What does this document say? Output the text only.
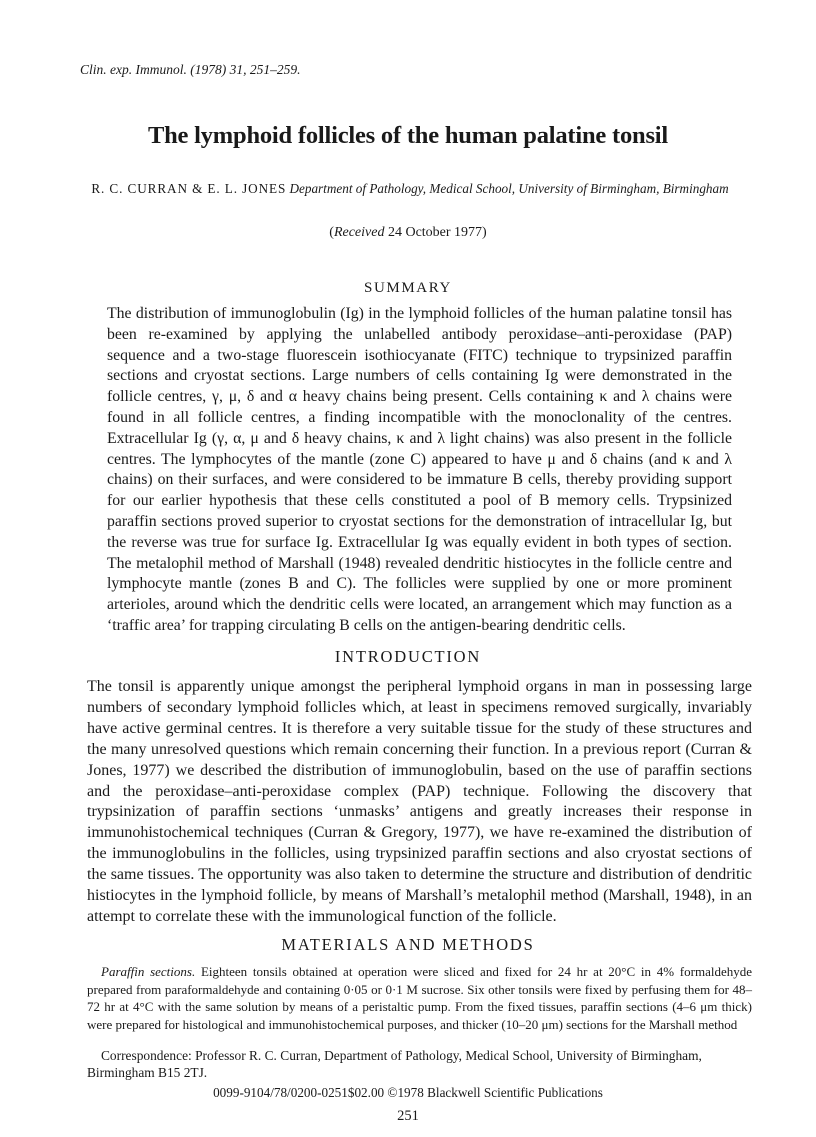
Clin. exp. Immunol. (1978) 31, 251–259.
The lymphoid follicles of the human palatine tonsil
R. C. CURRAN & E. L. JONES Department of Pathology, Medical School, University of Birmingham, Birmingham
(Received 24 October 1977)
SUMMARY
The distribution of immunoglobulin (Ig) in the lymphoid follicles of the human palatine tonsil has been re-examined by applying the unlabelled antibody peroxidase–anti-peroxidase (PAP) sequence and a two-stage fluorescein isothiocyanate (FITC) technique to trypsinized paraffin sections and cryostat sections. Large numbers of cells containing Ig were demonstrated in the follicle centres, γ, μ, δ and α heavy chains being present. Cells containing κ and λ chains were found in all follicle centres, a finding incompatible with the monoclonality of the centres. Extracellular Ig (γ, α, μ and δ heavy chains, κ and λ light chains) was also present in the follicle centres. The lymphocytes of the mantle (zone C) appeared to have μ and δ chains (and κ and λ chains) on their surfaces, and were considered to be immature B cells, thereby providing support for our earlier hypothesis that these cells constituted a pool of B memory cells. Trypsinized paraffin sections proved superior to cryostat sections for the demonstration of intracellular Ig, but the reverse was true for surface Ig. Extracellular Ig was equally evident in both types of section. The metalophil method of Marshall (1948) revealed dendritic histiocytes in the follicle centre and lymphocyte mantle (zones B and C). The follicles were supplied by one or more prominent arterioles, around which the dendritic cells were located, an arrangement which may function as a ‘traffic area’ for trapping circulating B cells on the antigen-bearing dendritic cells.
INTRODUCTION
The tonsil is apparently unique amongst the peripheral lymphoid organs in man in possessing large numbers of secondary lymphoid follicles which, at least in specimens removed surgically, invariably have active germinal centres. It is therefore a very suitable tissue for the study of these structures and the many unresolved questions which remain concerning their function. In a previous report (Curran & Jones, 1977) we described the distribution of immunoglobulin, based on the use of paraffin sections and the peroxidase–anti-peroxidase complex (PAP) technique. Following the discovery that trypsinization of paraffin sections ‘unmasks’ antigens and greatly increases their response in immunohistochemical techniques (Curran & Gregory, 1977), we have re-examined the distribution of the immunoglobulins in the follicles, using trypsinized paraffin sections and also cryostat sections of the same tissues. The opportunity was also taken to determine the structure and distribution of dendritic histiocytes in the lymphoid follicle, by means of Marshall’s metalophil method (Marshall, 1948), in an attempt to correlate these with the immunological function of the follicle.
MATERIALS AND METHODS
Paraffin sections. Eighteen tonsils obtained at operation were sliced and fixed for 24 hr at 20°C in 4% formaldehyde prepared from paraformaldehyde and containing 0·05 or 0·1 M sucrose. Six other tonsils were fixed by perfusing them for 48–72 hr at 4°C with the same solution by means of a peristaltic pump. From the fixed tissues, paraffin sections (4–6 μm thick) were prepared for histological and immunohistochemical purposes, and thicker (10–20 μm) sections for the Marshall method
Correspondence: Professor R. C. Curran, Department of Pathology, Medical School, University of Birmingham, Birmingham B15 2TJ.
0099-9104/78/0200-0251$02.00 ©1978 Blackwell Scientific Publications
251
